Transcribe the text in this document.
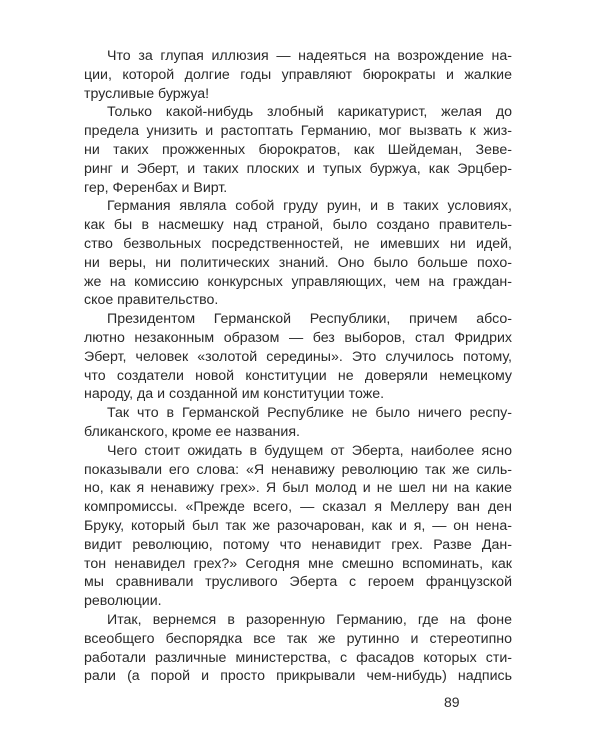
Что за глупая иллюзия — надеяться на возрождение на-
ции, которой долгие годы управляют бюрократы и жалкие
трусливые буржуа!
Только какой-нибудь злобный карикатурист, желая до
предела унизить и растоптать Германию, мог вызвать к жиз-
ни таких прожженных бюрократов, как Шейдеман, Зеве-
ринг и Эберт, и таких плоских и тупых буржуа, как Эрцбер-
гер, Ференбах и Вирт.
Германия являла собой груду руин, и в таких условиях,
как бы в насмешку над страной, было создано правитель-
ство безвольных посредственностей, не имевших ни идей,
ни веры, ни политических знаний. Оно было больше похо-
же на комиссию конкурсных управляющих, чем на граждан-
ское правительство.
Президентом Германской Республики, причем абсо-
лютно незаконным образом — без выборов, стал Фридрих
Эберт, человек «золотой середины». Это случилось потому,
что создатели новой конституции не доверяли немецкому
народу, да и созданной им конституции тоже.
Так что в Германской Республике не было ничего респу-
бликанского, кроме ее названия.
Чего стоит ожидать в будущем от Эберта, наиболее ясно
показывали его слова: «Я ненавижу революцию так же силь-
но, как я ненавижу грех». Я был молод и не шел ни на какие
компромиссы. «Прежде всего, — сказал я Меллеру ван ден
Бруку, который был так же разочарован, как и я, — он нена-
видит революцию, потому что ненавидит грех. Разве Дан-
тон ненавидел грех?» Сегодня мне смешно вспоминать, как
мы сравнивали трусливого Эберта с героем французской
революции.
Итак, вернемся в разоренную Германию, где на фоне
всеобщего беспорядка все так же рутинно и стереотипно
работали различные министерства, с фасадов которых сти-
рали (а порой и просто прикрывали чем-нибудь) надпись
89
